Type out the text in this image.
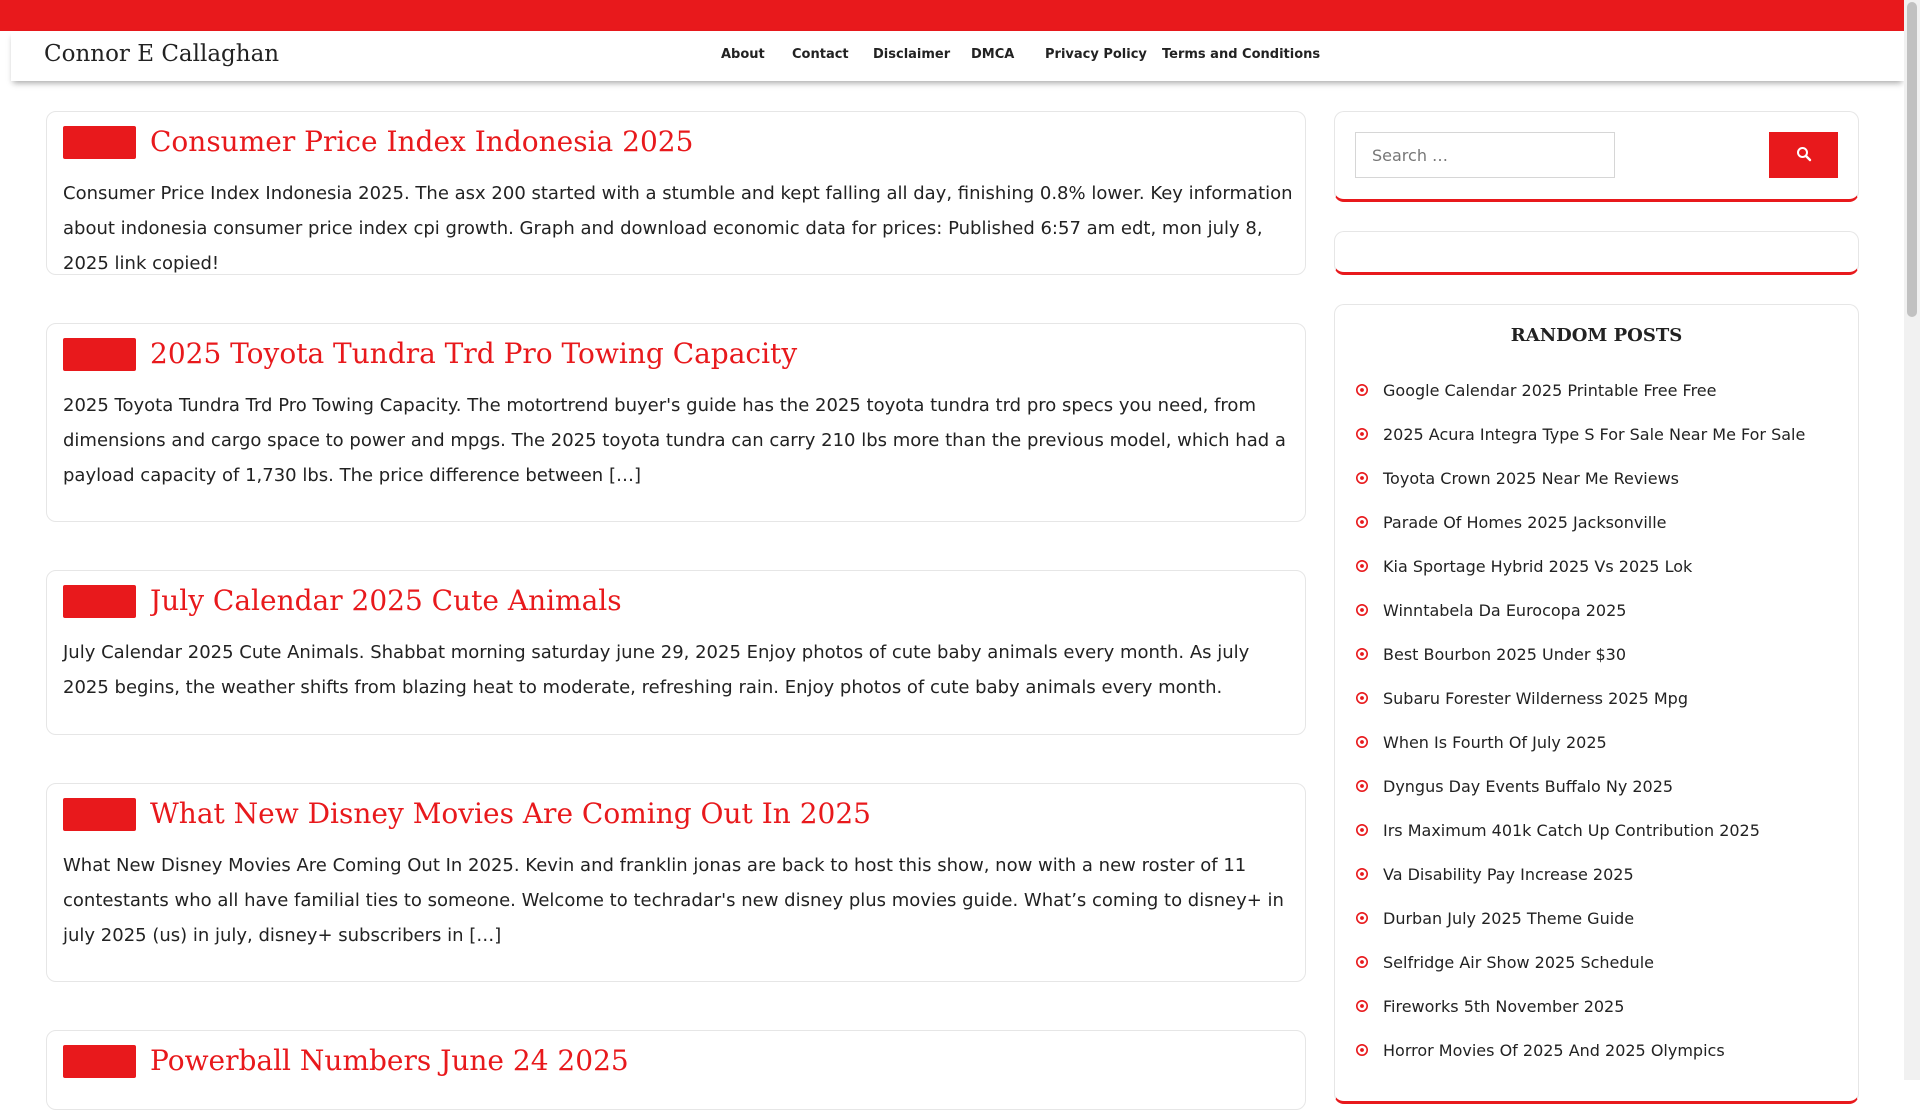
Connor E Callaghan	About Contact Disclaimer DMCA Privacy Policy Terms and Conditions
Consumer Price Index Indonesia 2025
Consumer Price Index Indonesia 2025. The asx 200 started with a stumble and kept falling all day, finishing 0.8% lower. Key information about indonesia consumer price index cpi growth. Graph and download economic data for prices: Published 6:57 am edt, mon july 8, 2025 link copied!
2025 Toyota Tundra Trd Pro Towing Capacity
2025 Toyota Tundra Trd Pro Towing Capacity. The motortrend buyer's guide has the 2025 toyota tundra trd pro specs you need, from dimensions and cargo space to power and mpgs. The 2025 toyota tundra can carry 210 lbs more than the previous model, which had a payload capacity of 1,730 lbs. The price difference between […]
July Calendar 2025 Cute Animals
July Calendar 2025 Cute Animals. Shabbat morning saturday june 29, 2025 Enjoy photos of cute baby animals every month. As july 2025 begins, the weather shifts from blazing heat to moderate, refreshing rain. Enjoy photos of cute baby animals every month.
What New Disney Movies Are Coming Out In 2025
What New Disney Movies Are Coming Out In 2025. Kevin and franklin jonas are back to host this show, now with a new roster of 11 contestants who all have familial ties to someone. Welcome to techradar's new disney plus movies guide. What’s coming to disney+ in july 2025 (us) in july, disney+ subscribers in […]
Powerball Numbers June 24 2025
Search …
RANDOM POSTS
Google Calendar 2025 Printable Free Free
2025 Acura Integra Type S For Sale Near Me For Sale
Toyota Crown 2025 Near Me Reviews
Parade Of Homes 2025 Jacksonville
Kia Sportage Hybrid 2025 Vs 2025 Lok
Winntabela Da Eurocopa 2025
Best Bourbon 2025 Under $30
Subaru Forester Wilderness 2025 Mpg
When Is Fourth Of July 2025
Dyngus Day Events Buffalo Ny 2025
Irs Maximum 401k Catch Up Contribution 2025
Va Disability Pay Increase 2025
Durban July 2025 Theme Guide
Selfridge Air Show 2025 Schedule
Fireworks 5th November 2025
Horror Movies Of 2025 And 2025 Olympics
